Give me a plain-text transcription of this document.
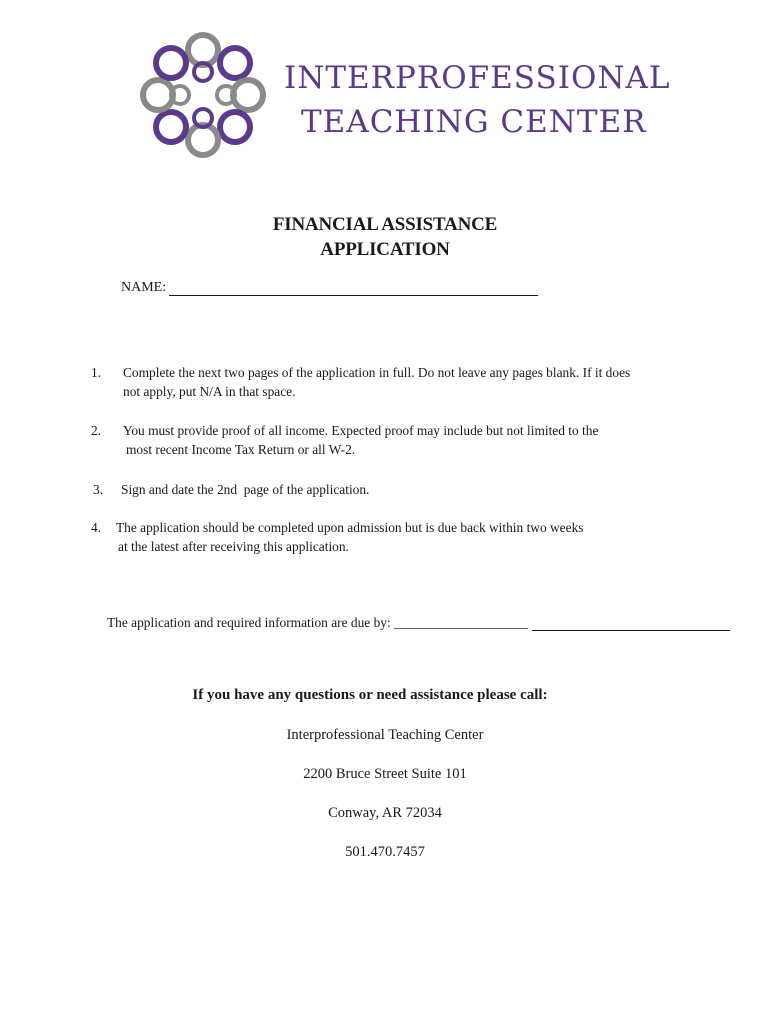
INTERPROFESSIONAL
TEACHING CENTER
FINANCIAL ASSISTANCE
APPLICATION
NAME:
1. Complete the next two pages of the application in full. Do not leave any pages blank. If it does
not apply, put N/A in that space.
2. You must provide proof of all income. Expected proof may include but not limited to the
most recent Income Tax Return or all W-2.
3. Sign and date the 2nd  page of the application.
4. The application should be completed upon admission but is due back within two weeks
at the latest after receiving this application.
The application and required information are due by: ____________________
If you have any questions or need assistance please call:
Interprofessional Teaching Center
2200 Bruce Street Suite 101
Conway, AR 72034
501.470.7457
